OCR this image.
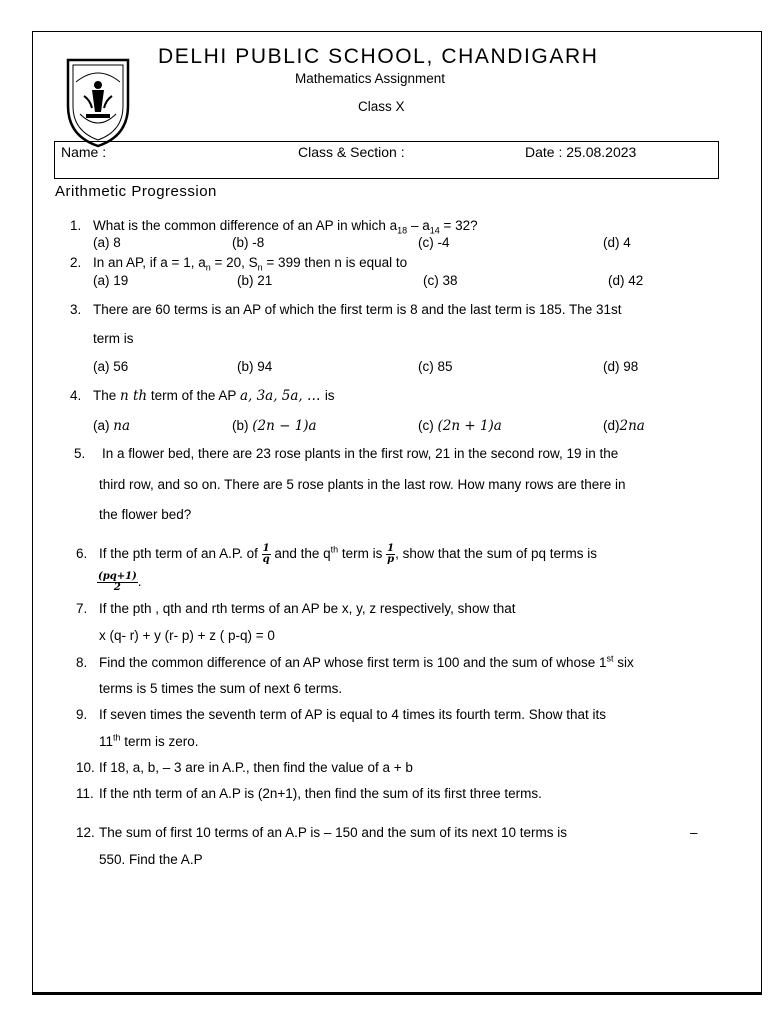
DELHI PUBLIC SCHOOL, CHANDIGARH
Mathematics Assignment
Class X
Name :	Class & Section :	Date : 25.08.2023
Arithmetic Progression
1. What is the common difference of an AP in which $a_{18} - a_{14} = 32$?
(a) 8	(b) -8	(c) -4	(d) 4
2. In an AP, if a = 1, $a_n = 20$, $S_n = 399$ then n is equal to
(a) 19	(b) 21	(c) 38	(d) 42
3. There are 60 terms is an AP of which the first term is 8 and the last term is 185. The 31st
term is
(a) 56	(b) 94	(c) 85	(d) 98
4. The n th term of the AP a, 3a, 5a, … is
(a) na	(b) (2n − 1)a	(c) (2n + 1)a	(d)2na
5. In a flower bed, there are 23 rose plants in the first row, 21 in the second row, 19 in the
third row, and so on. There are 5 rose plants in the last row. How many rows are there in
the flower bed?
6. If the pth term of an A.P. of $\frac{1}{q}$ and the $q^{th}$ term is $\frac{1}{p}$ , show that the sum of pq terms is
$\frac{(pq+1)}{2}$ .
7. If the pth , qth and rth terms of an AP be x, y, z respectively, show that
x (q- r) + y (r- p) + z ( p-q) = 0
8. Find the common difference of an AP whose first term is 100 and the sum of whose 1st six
terms is 5 times the sum of next 6 terms.
9. If seven times the seventh term of AP is equal to 4 times its fourth term. Show that its
11th term is zero.
10. If 18, a, b, – 3 are in A.P., then find the value of a + b
11. If the nth term of an A.P is (2n+1), then find the sum of its first three terms.
12. The sum of first 10 terms of an A.P is – 150 and the sum of its next 10 terms is	–
550. Find the A.P
